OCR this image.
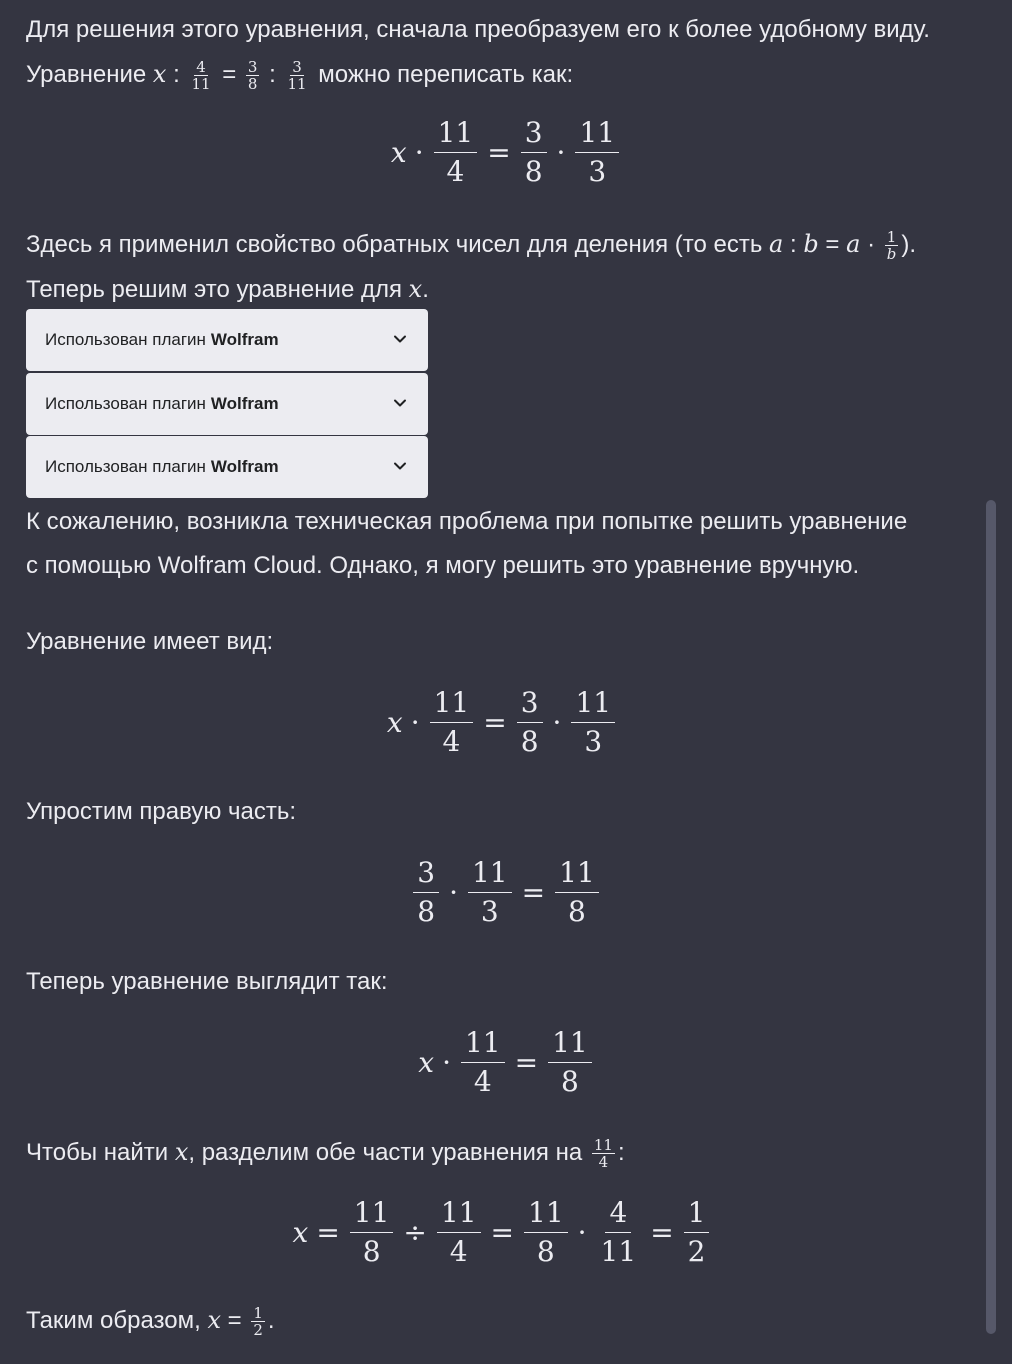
Для решения этого уравнения, сначала преобразуем его к более удобному виду.

Уравнение x : $\frac{4}{11} = \frac{3}{8}$ : $\frac{3}{11}$ можно переписать как:

$x \cdot \frac{11}{4} = \frac{3}{8} \cdot \frac{11}{3}$

Здесь я применил свойство обратных чисел для деления (то есть a : $b = a \cdot \frac{1}{b}$ ).

Теперь решим это уравнение для x.

Использован плагин Wolfram
Использован плагин Wolfram
Использован плагин Wolfram

К сожалению, возникла техническая проблема при попытке решить уравнение

с помощью Wolfram Cloud. Однако, я могу решить это уравнение вручную.

Уравнение имеет вид:

$x \cdot \frac{11}{4} = \frac{3}{8} \cdot \frac{11}{3}$

Упростим правую часть:

$\frac{3}{8} \cdot \frac{11}{3} = \frac{11}{8}$

Теперь уравнение выглядит так:

$x \cdot \frac{11}{4} = \frac{11}{8}$

Чтобы найти x, разделим обе части уравнения на $\frac{11}{4}$ :

$x = \frac{11}{8} \div \frac{11}{4} = \frac{11}{8} \cdot \frac{4}{11} = \frac{1}{2}$

Таким образом, $x = \frac{1}{2}$ .
